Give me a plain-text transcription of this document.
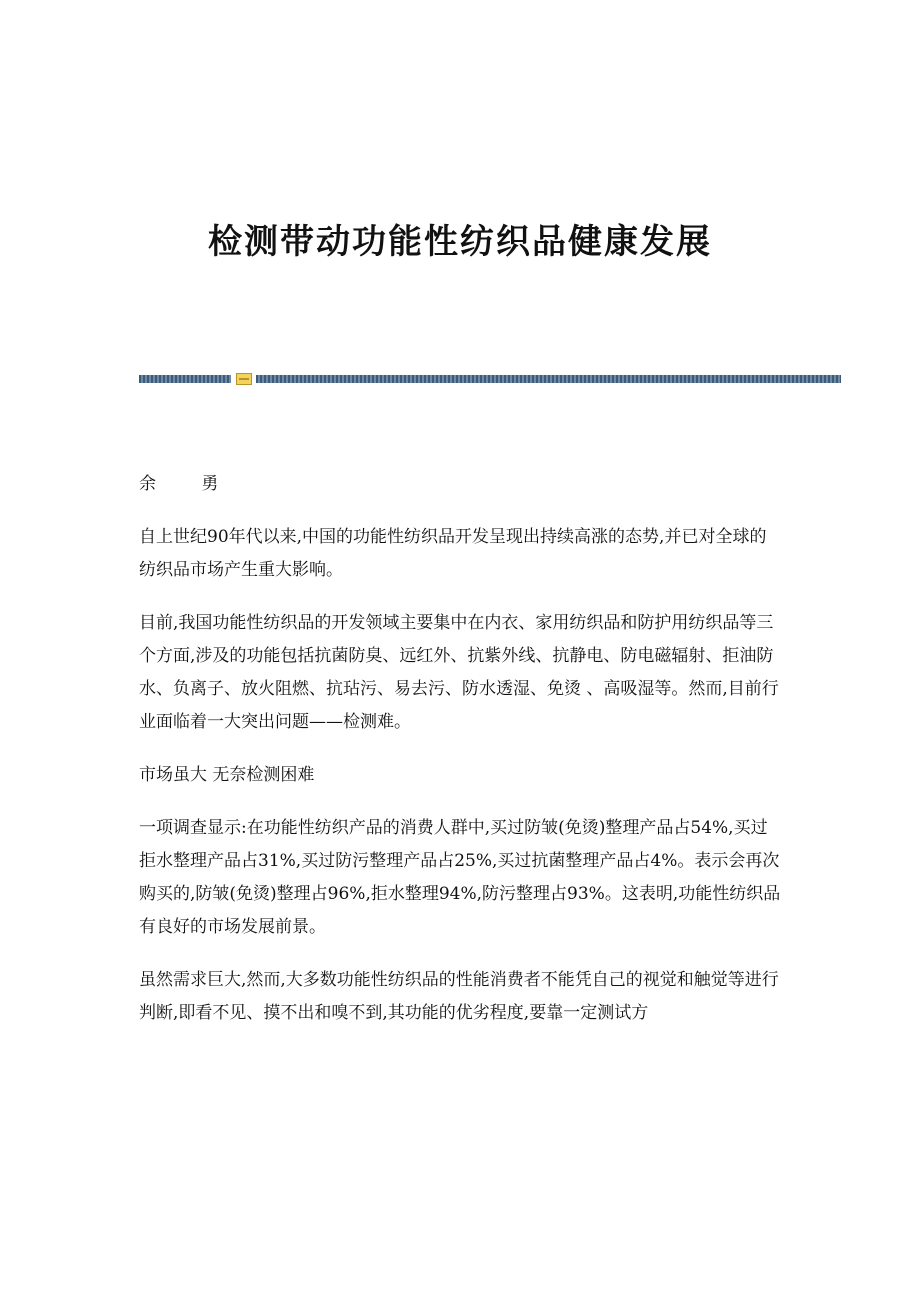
检测带动功能性纺织品健康发展

余 勇

自上世纪90年代以来,中国的功能性纺织品开发呈现出持续高涨的态势,并已对全球的纺织品市场产生重大影响。

目前,我国功能性纺织品的开发领域主要集中在内衣、家用纺织品和防护用纺织品等三个方面,涉及的功能包括抗菌防臭、远红外、抗紫外线、抗静电、防电磁辐射、拒油防水、负离子、放火阻燃、抗玷污、易去污、防水透湿、免烫 、高吸湿等。然而,目前行业面临着一大突出问题——检测难。

市场虽大 无奈检测困难

一项调查显示:在功能性纺织产品的消费人群中,买过防皱(免烫)整理产品占54%,买过拒水整理产品占31%,买过防污整理产品占25%,买过抗菌整理产品占4%。表示会再次购买的,防皱(免烫)整理占96%,拒水整理94%,防污整理占93%。这表明,功能性纺织品有良好的市场发展前景。

虽然需求巨大,然而,大多数功能性纺织品的性能消费者不能凭自己的视觉和触觉等进行判断,即看不见、摸不出和嗅不到,其功能的优劣程度,要靠一定测试方
